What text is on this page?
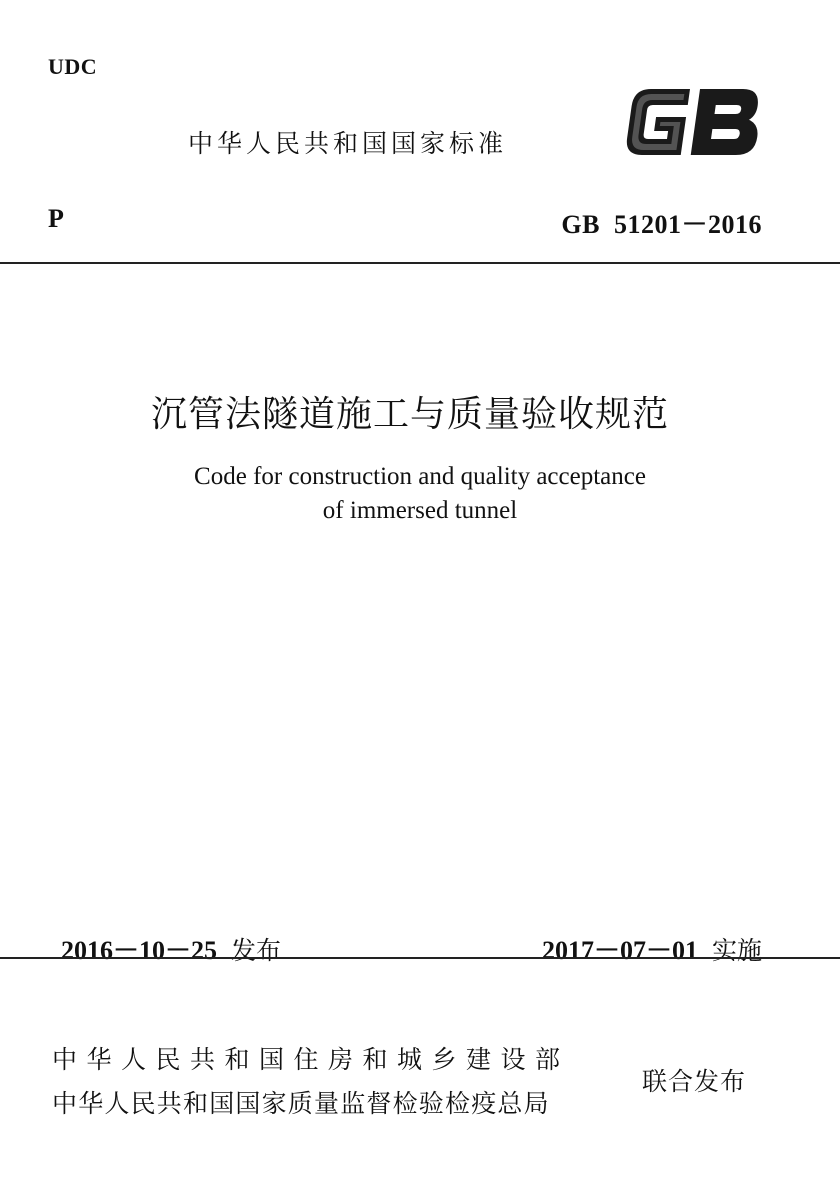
UDC
中华人民共和国国家标准
P	GB  51201－2016
沉管法隧道施工与质量验收规范
Code for construction and quality acceptance
of immersed tunnel

2016－10－25 发布	2017－07－01 实施

中华人民共和国住房和城乡建设部
中华人民共和国国家质量监督检验检疫总局
联合发布
